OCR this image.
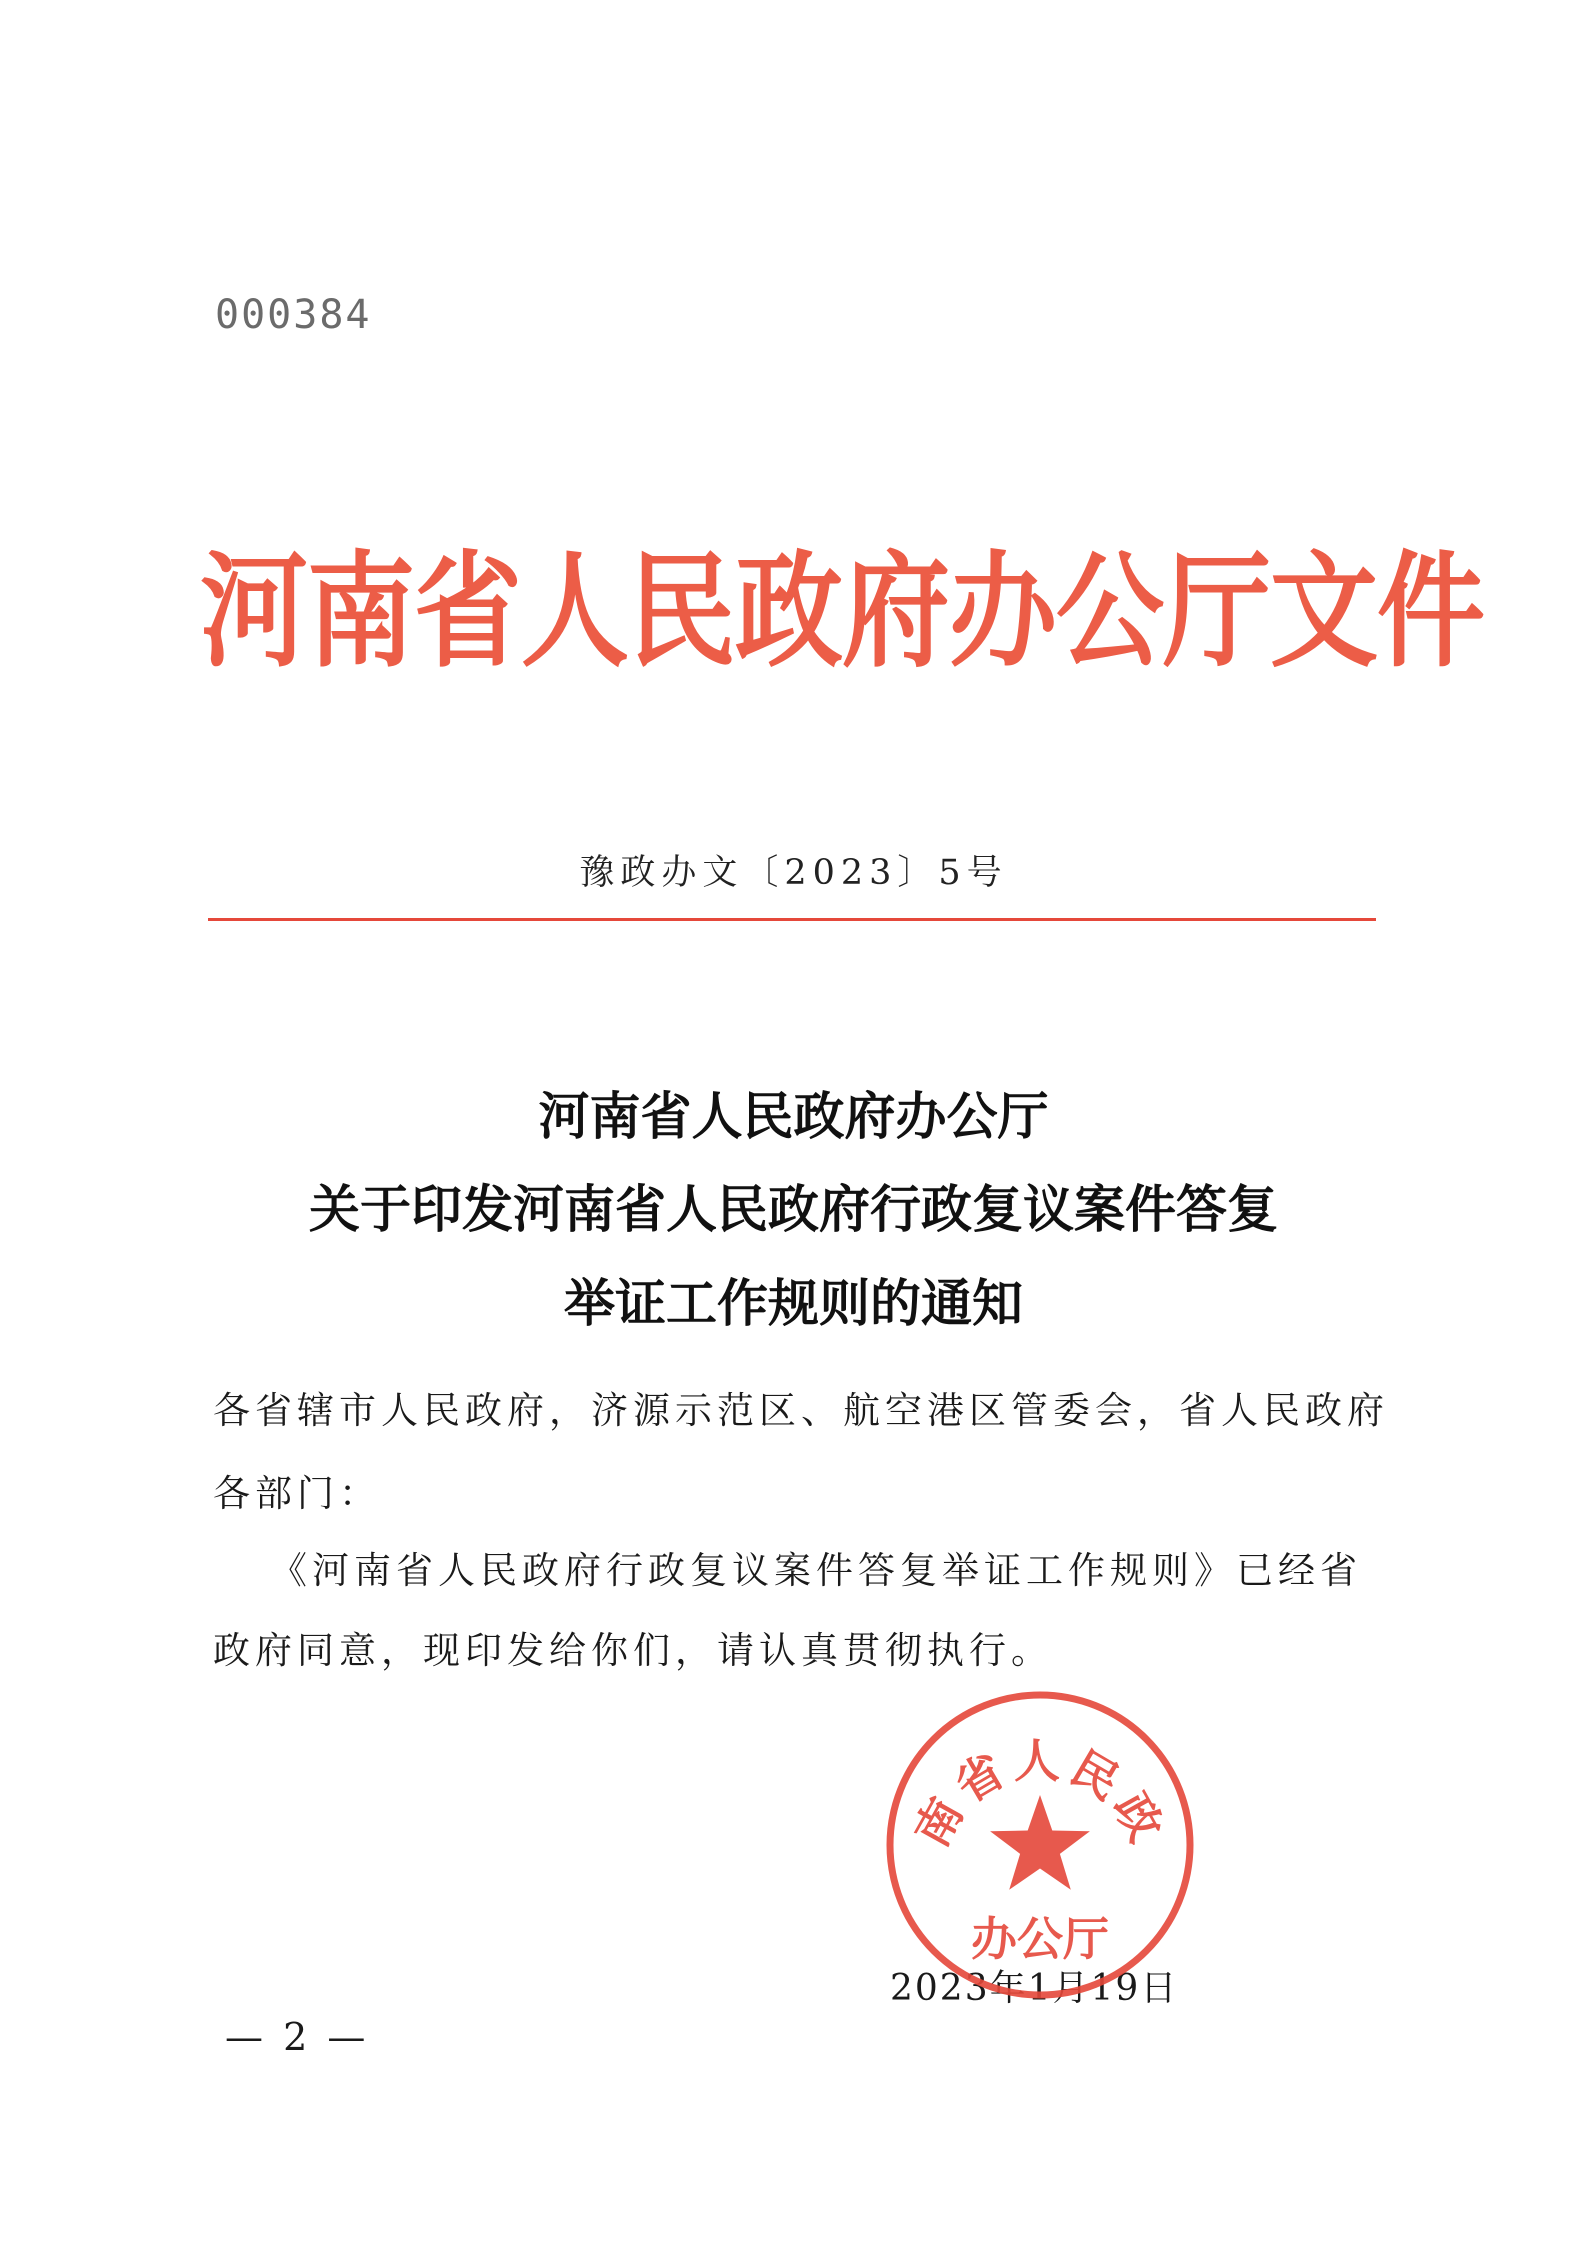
000384
河南省人民政府办公厅文件
豫政办文〔2023〕5号
河南省人民政府办公厅
关于印发河南省人民政府行政复议案件答复
举证工作规则的通知
各省辖市人民政府，济源示范区、航空港区管委会，省人民政府
各部门：
《河南省人民政府行政复议案件答复举证工作规则》已经省
政府同意，现印发给你们，请认真贯彻执行。
南省人民政
办公厅
2023年1月19日
— 2 —
